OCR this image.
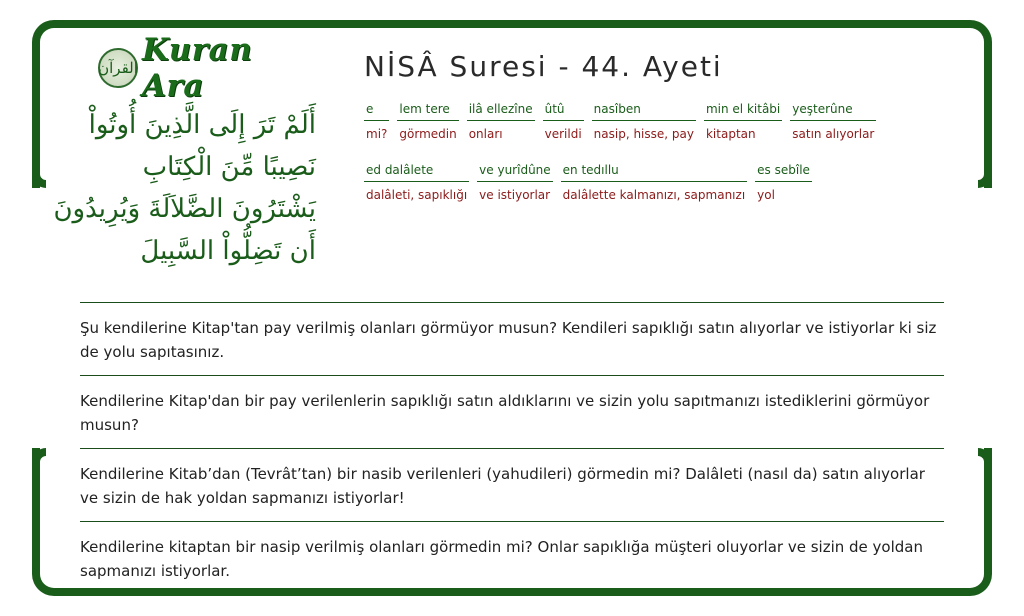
القرآن Kuran Ara
أَلَمْ تَرَ إِلَى الَّذِينَ أُوتُواْ
نَصِيبًا مِّنَ الْكِتَابِ
يَشْتَرُونَ الضَّلاَلَةَ وَيُرِيدُونَ
أَن تَضِلُّواْ السَّبِيلَ
NİSÂ Suresi - 44. Ayeti
e
mi?
lem tere
görmedin
ilâ ellezîne
onları
ûtû
verildi
nasîben
nasip, hisse, pay
min el kitâbi
kitaptan
yeşterûne
satın alıyorlar
ed dalâlete
dalâleti, sapıklığı
ve yurîdûne
ve istiyorlar
en tedıllu
dalâlette kalmanızı, sapmanızı
es sebîle
yol

Şu kendilerine Kitap'tan pay verilmiş olanları görmüyor musun? Kendileri sapıklığı satın alıyorlar ve istiyorlar ki siz de yolu sapıtasınız.

Kendilerine Kitap'dan bir pay verilenlerin sapıklığı satın aldıklarını ve sizin yolu sapıtmanızı istediklerini görmüyor musun?

Kendilerine Kitab’dan (Tevrât’tan) bir nasib verilenleri (yahudileri) görmedin mi? Dalâleti (nasıl da) satın alıyorlar ve sizin de hak yoldan sapmanızı istiyorlar!

Kendilerine kitaptan bir nasip verilmiş olanları görmedin mi? Onlar sapıklığa müşteri oluyorlar ve sizin de yoldan sapmanızı istiyorlar.
